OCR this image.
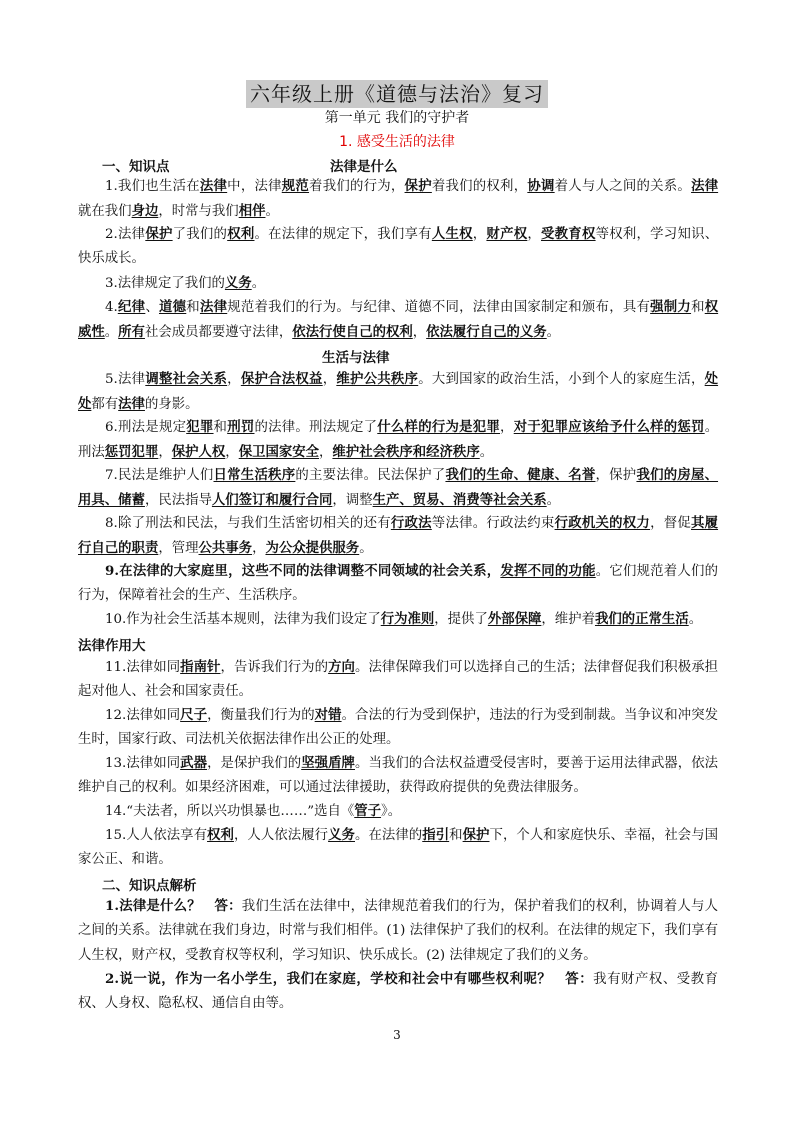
六年级上册《道德与法治》复习
第一单元 我们的守护者
1. 感受生活的法律
一、知识点	法律是什么
1.我们也生活在法律中，法律规范着我们的行为，保护着我们的权利，协调着人与人之间的关系。法律就在我们身边，时常与我们相伴。
2.法律保护了我们的权利。在法律的规定下，我们享有人生权，财产权，受教育权等权利，学习知识、快乐成长。
3.法律规定了我们的义务。
4.纪律、道德和法律规范着我们的行为。与纪律、道德不同，法律由国家制定和颁布，具有强制力和权威性。所有社会成员都要遵守法律，依法行使自己的权利，依法履行自己的义务。
生活与法律
5.法律调整社会关系，保护合法权益，维护公共秩序。大到国家的政治生活，小到个人的家庭生活，处处都有法律的身影。
6.刑法是规定犯罪和刑罚的法律。刑法规定了什么样的行为是犯罪，对于犯罪应该给予什么样的惩罚。刑法惩罚犯罪，保护人权，保卫国家安全，维护社会秩序和经济秩序。
7.民法是维护人们日常生活秩序的主要法律。民法保护了我们的生命、健康、名誉，保护我们的房屋、用具、储蓄，民法指导人们签订和履行合同，调整生产、贸易、消费等社会关系。
8.除了刑法和民法，与我们生活密切相关的还有行政法等法律。行政法约束行政机关的权力，督促其履行自己的职责，管理公共事务，为公众提供服务。
9.在法律的大家庭里，这些不同的法律调整不同领域的社会关系，发挥不同的功能。它们规范着人们的行为，保障着社会的生产、生活秩序。
10.作为社会生活基本规则，法律为我们设定了行为准则，提供了外部保障，维护着我们的正常生活。
法律作用大
11.法律如同指南针，告诉我们行为的方向。法律保障我们可以选择自己的生活；法律督促我们积极承担起对他人、社会和国家责任。
12.法律如同尺子，衡量我们行为的对错。合法的行为受到保护，违法的行为受到制裁。当争议和冲突发生时，国家行政、司法机关依据法律作出公正的处理。
13.法律如同武器，是保护我们的坚强盾牌。当我们的合法权益遭受侵害时，要善于运用法律武器，依法维护自己的权利。如果经济困难，可以通过法律援助，获得政府提供的免费法律服务。
14.“夫法者，所以兴功惧暴也……”选自《管子》。
15.人人依法享有权利，人人依法履行义务。在法律的指引和保护下，个人和家庭快乐、幸福，社会与国家公正、和谐。
二、知识点解析
1.法律是什么？　答：我们生活在法律中，法律规范着我们的行为，保护着我们的权利，协调着人与人之间的关系。法律就在我们身边，时常与我们相伴。(1) 法律保护了我们的权利。在法律的规定下，我们享有人生权，财产权，受教育权等权利，学习知识、快乐成长。(2) 法律规定了我们的义务。
2.说一说，作为一名小学生，我们在家庭，学校和社会中有哪些权利呢？　答：我有财产权、受教育权、人身权、隐私权、通信自由等。
3
